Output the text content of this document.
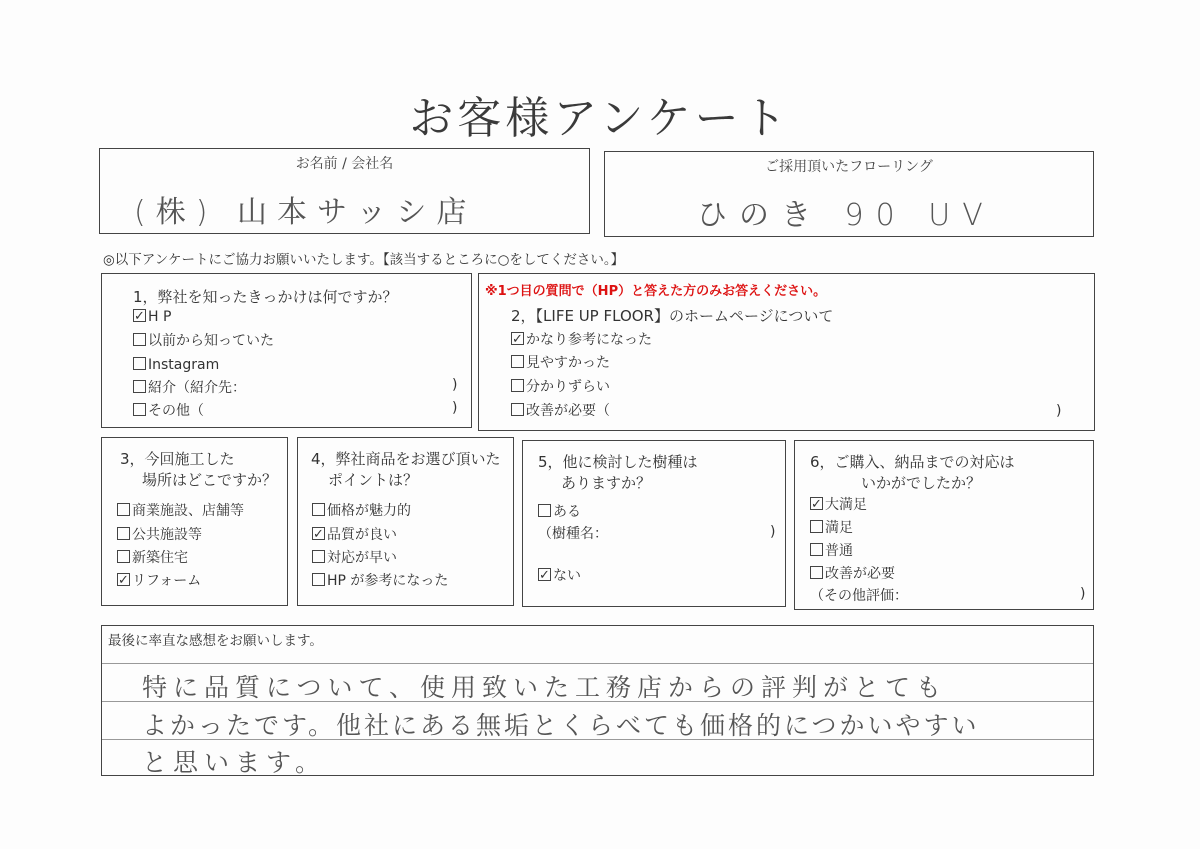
お客様アンケート
お名前 / 会社名
(株) 山本サッシ店
ご採用頂いたフローリング
ひのき 90 UV
◎以下アンケートにご協力お願いいたします。【該当するところに○をしてください。】
1，弊社を知ったきっかけは何ですか？
✓H P
以前から知っていた
Instagram
紹介（紹介先：	)
その他（	)
※1つ目の質問で（HP）と答えた方のみお答えください。
2，【LIFE UP FLOOR】のホームページについて
✓かなり参考になった
見やすかった
分かりずらい
改善が必要（	)
3，今回施工した
場所はどこですか？
商業施設、店舗等
公共施設等
新築住宅
✓リフォーム
4，弊社商品をお選び頂いた
ポイントは？
価格が魅力的
✓品質が良い
対応が早い
HP が参考になった
5，他に検討した樹種は
ありますか？
ある
（樹種名：	)
✓ない
6，ご購入、納品までの対応は
いかがでしたか？
✓大満足
満足
普通
改善が必要
（その他評価：	)
最後に率直な感想をお願いします。
特に品質について、使用致いた工務店からの評判がとても
よかったです。他社にある無垢とくらべても価格的につかいやすい
と思います。
